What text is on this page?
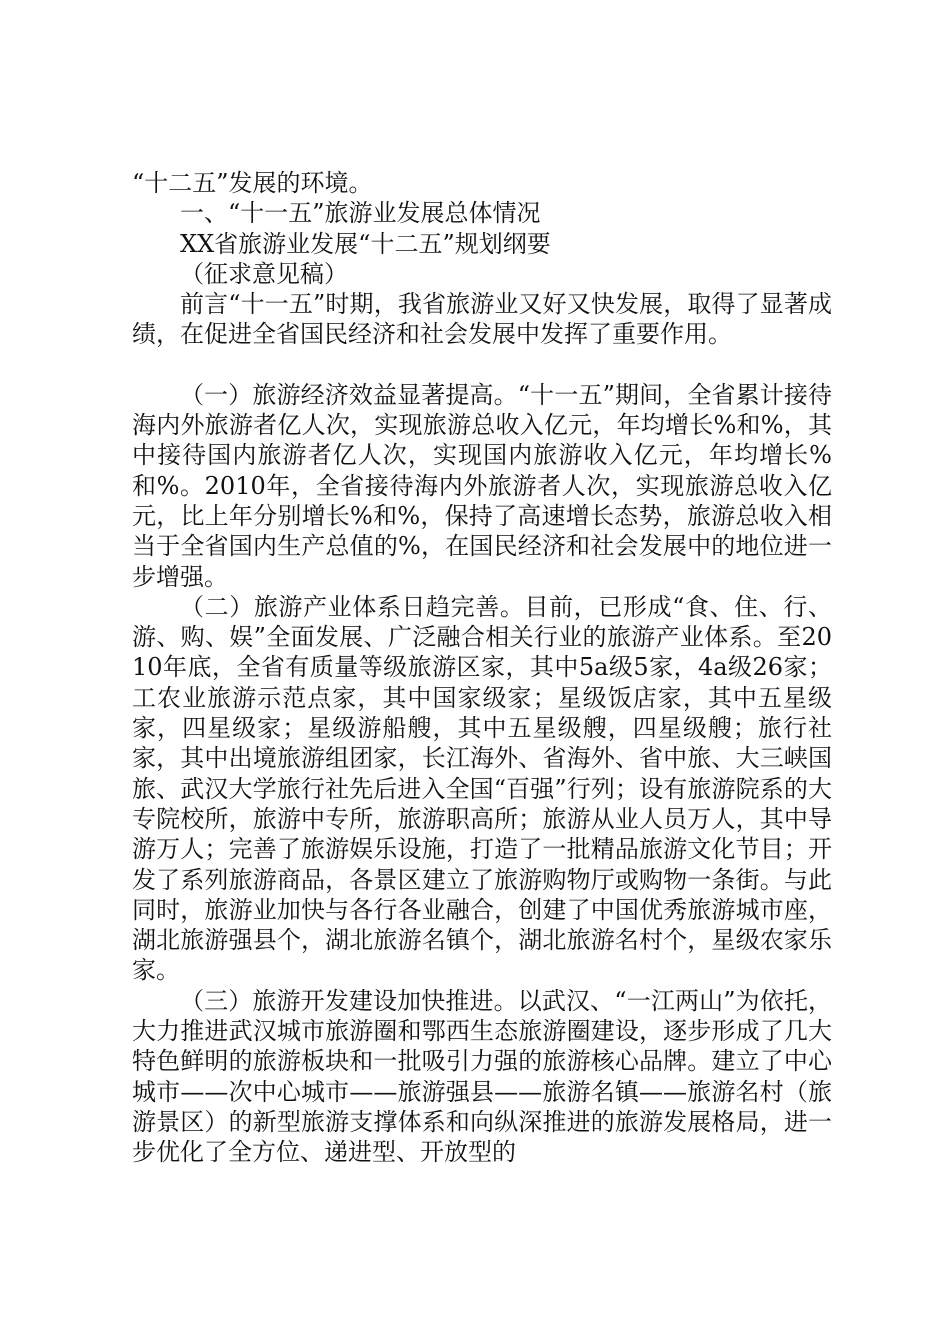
“十二五”发展的环境。

一、“十一五”旅游业发展总体情况

XX省旅游业发展“十二五”规划纲要

（征求意见稿）

前言“十一五”时期，我省旅游业又好又快发展，取得了显著成绩，在促进全省国民经济和社会发展中发挥了重要作用。

（一）旅游经济效益显著提高。“十一五”期间，全省累计接待海内外旅游者亿人次，实现旅游总收入亿元，年均增长%和%，其中接待国内旅游者亿人次，实现国内旅游收入亿元，年均增长%和%。2010年，全省接待海内外旅游者人次，实现旅游总收入亿元，比上年分别增长%和%，保持了高速增长态势，旅游总收入相当于全省国内生产总值的%，在国民经济和社会发展中的地位进一步增强。

（二）旅游产业体系日趋完善。目前，已形成“食、住、行、游、购、娱”全面发展、广泛融合相关行业的旅游产业体系。至2010年底，全省有质量等级旅游区家，其中5a级5家，4a级26家；工农业旅游示范点家，其中国家级家；星级饭店家，其中五星级家，四星级家；星级游船艘，其中五星级艘，四星级艘；旅行社家，其中出境旅游组团家，长江海外、省海外、省中旅、大三峡国旅、武汉大学旅行社先后进入全国“百强”行列；设有旅游院系的大专院校所，旅游中专所，旅游职高所；旅游从业人员万人，其中导游万人；完善了旅游娱乐设施，打造了一批精品旅游文化节目；开发了系列旅游商品，各景区建立了旅游购物厅或购物一条街。与此同时，旅游业加快与各行各业融合，创建了中国优秀旅游城市座，湖北旅游强县个，湖北旅游名镇个，湖北旅游名村个，星级农家乐家。

（三）旅游开发建设加快推进。以武汉、“一江两山”为依托，大力推进武汉城市旅游圈和鄂西生态旅游圈建设，逐步形成了几大特色鲜明的旅游板块和一批吸引力强的旅游核心品牌。建立了中心城市——次中心城市——旅游强县——旅游名镇——旅游名村（旅游景区）的新型旅游支撑体系和向纵深推进的旅游发展格局，进一步优化了全方位、递进型、开放型的
